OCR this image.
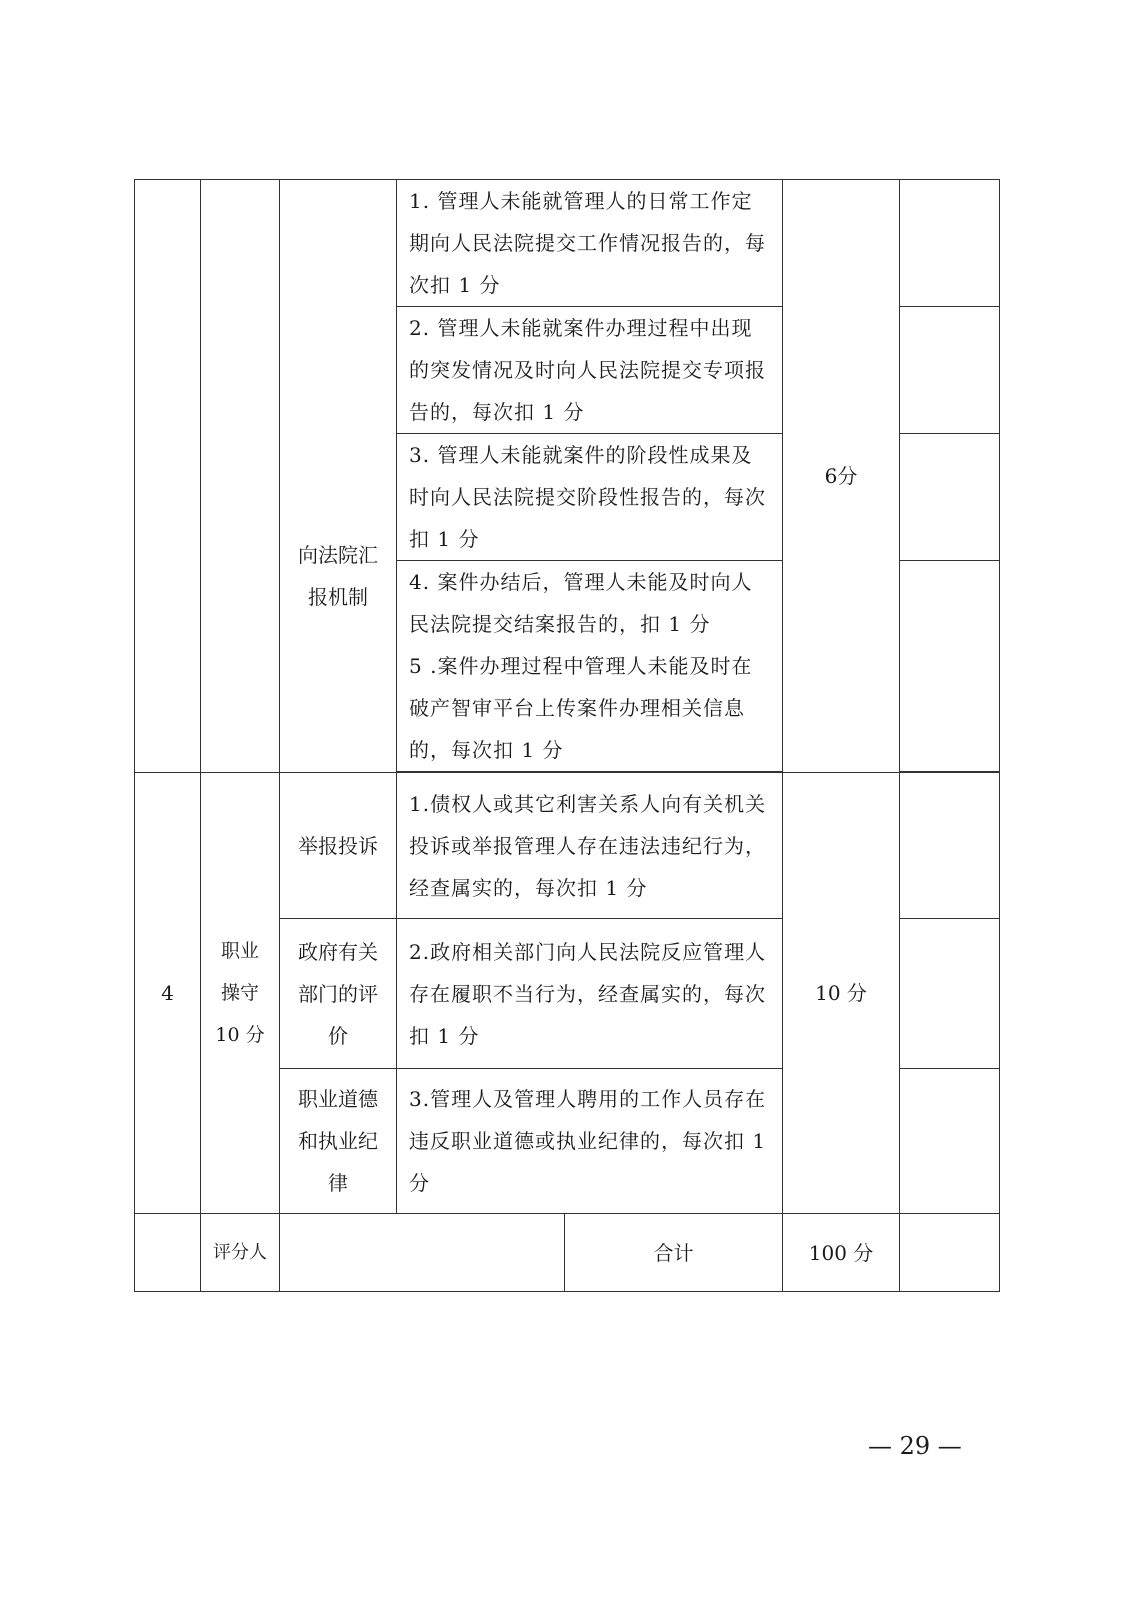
		向法院汇报机制	1. 管理人未能就管理人的日常工作定期向人民法院提交工作情况报告的，每次扣 1 分		6分	
			2. 管理人未能就案件办理过程中出现的突发情况及时向人民法院提交专项报告的，每次扣 1 分			
			3. 管理人未能就案件的阶段性成果及时向人民法院提交阶段性报告的，每次扣 1 分			

			4. 案件办结后，管理人未能及时向人民法院提交结案报告的，扣 1 分
5 .案件办理过程中管理人未能及时在破产智审平台上传案件办理相关信息的，每次扣 1 分			

4	职业
操守
10 分	举报投诉	1.债权人或其它利害关系人向有关机关投诉或举报管理人存在违法违纪行为，经查属实的，每次扣 1 分		10 分	
		政府有关部门的评价	2.政府相关部门向人民法院反应管理人存在履职不当行为，经查属实的，每次扣 1 分			
		职业道德和执业纪律	3.管理人及管理人聘用的工作人员存在违反职业道德或执业纪律的，每次扣 1 分			
	评分人			合计	100 分	
— 29 —
